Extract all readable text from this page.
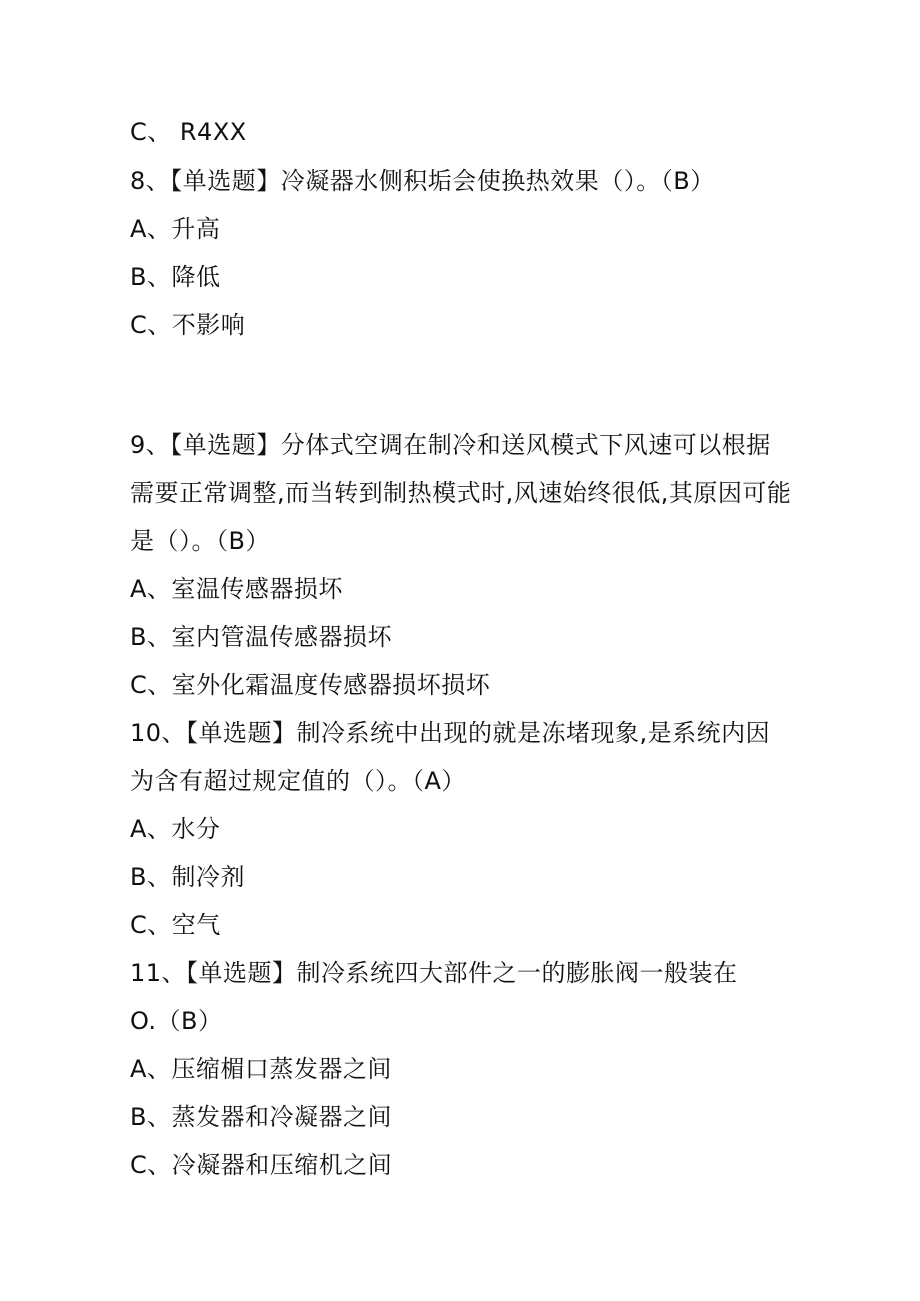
C、 R4XX
8、【单选题】冷凝器水侧积垢会使换热效果（）。（B）
A、升高
B、降低
C、不影响
9、【单选题】分体式空调在制冷和送风模式下风速可以根据
需要正常调整,而当转到制热模式时,风速始终很低,其原因可能
是（）。（B）
A、室温传感器损坏
B、室内管温传感器损坏
C、室外化霜温度传感器损坏损坏
10、【单选题】制冷系统中出现的就是冻堵现象,是系统内因
为含有超过规定值的（）。（A）
A、水分
B、制冷剂
C、空气
11、【单选题】制冷系统四大部件之一的膨胀阀一般装在
O.（B）
A、压缩楣口蒸发器之间
B、蒸发器和冷凝器之间
C、冷凝器和压缩机之间
